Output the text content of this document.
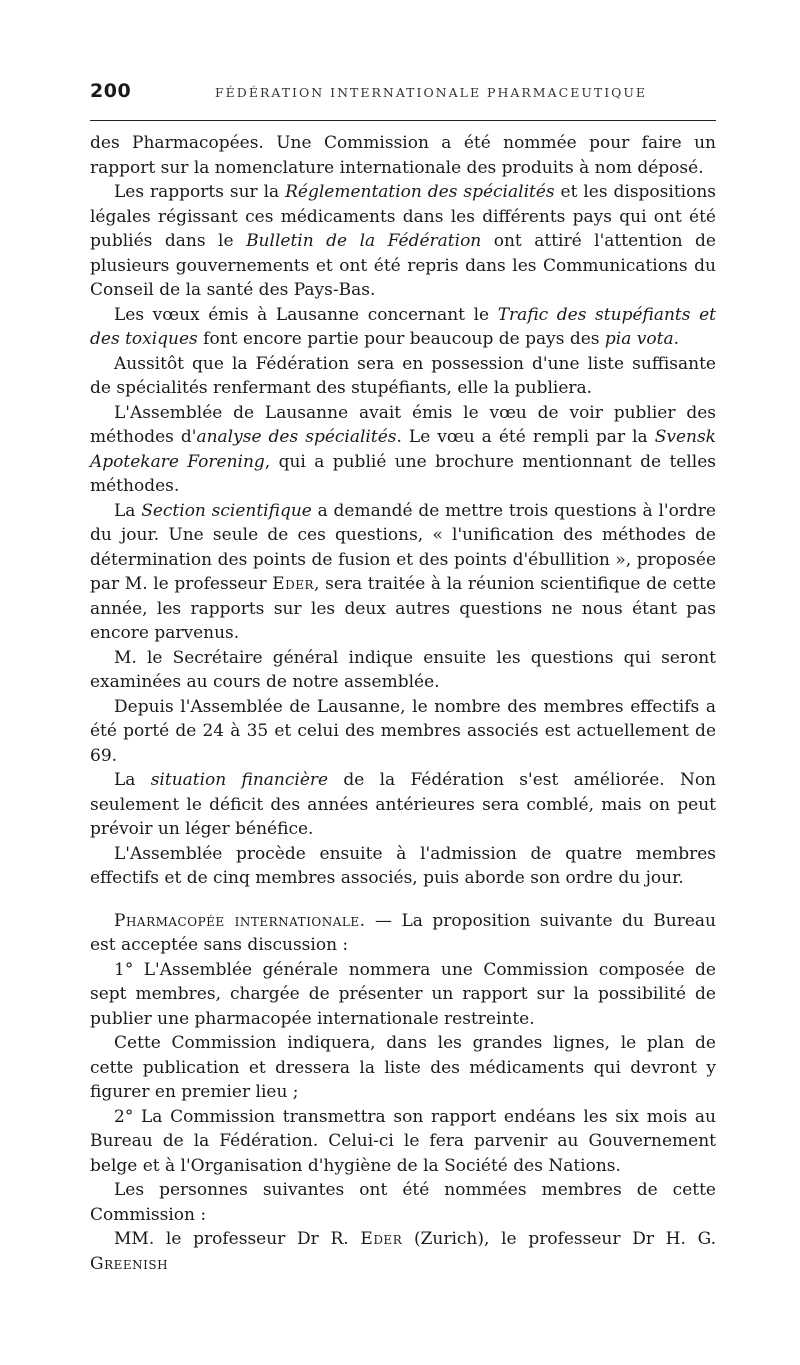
200	FÉDÉRATION INTERNATIONALE PHARMACEUTIQUE

des Pharmacopées. Une Commission a été nommée pour faire un rapport sur la nomenclature internationale des produits à nom déposé.

Les rapports sur la Réglementation des spécialités et les dispositions légales régissant ces médicaments dans les différents pays qui ont été publiés dans le Bulletin de la Fédération ont attiré l'attention de plusieurs gouvernements et ont été repris dans les Communications du Conseil de la santé des Pays-Bas.

Les vœux émis à Lausanne concernant le Trafic des stupéfiants et des toxiques font encore partie pour beaucoup de pays des pia vota.

Aussitôt que la Fédération sera en possession d'une liste suffisante de spécialités renfermant des stupéfiants, elle la publiera.

L'Assemblée de Lausanne avait émis le vœu de voir publier des méthodes d'analyse des spécialités. Le vœu a été rempli par la Svensk Apotekare Forening, qui a publié une brochure mentionnant de telles méthodes.

La Section scientifique a demandé de mettre trois questions à l'ordre du jour. Une seule de ces questions, « l'unification des méthodes de détermination des points de fusion et des points d'ébullition », proposée par M. le professeur Eder, sera traitée à la réunion scientifique de cette année, les rapports sur les deux autres questions ne nous étant pas encore parvenus.

M. le Secrétaire général indique ensuite les questions qui seront examinées au cours de notre assemblée.

Depuis l'Assemblée de Lausanne, le nombre des membres effectifs a été porté de 24 à 35 et celui des membres associés est actuellement de 69.

La situation financière de la Fédération s'est améliorée. Non seulement le déficit des années antérieures sera comblé, mais on peut prévoir un léger bénéfice.

L'Assemblée procède ensuite à l'admission de quatre membres effectifs et de cinq membres associés, puis aborde son ordre du jour.

Pharmacopée internationale. — La proposition suivante du Bureau est acceptée sans discussion :

1° L'Assemblée générale nommera une Commission composée de sept membres, chargée de présenter un rapport sur la possibilité de publier une pharmacopée internationale restreinte.

Cette Commission indiquera, dans les grandes lignes, le plan de cette publication et dressera la liste des médicaments qui devront y figurer en premier lieu ;

2° La Commission transmettra son rapport endéans les six mois au Bureau de la Fédération. Celui-ci le fera parvenir au Gouvernement belge et à l'Organisation d'hygiène de la Société des Nations.

Les personnes suivantes ont été nommées membres de cette Commission :

MM. le professeur Dr R. Eder (Zurich), le professeur Dr H. G. Greenish
